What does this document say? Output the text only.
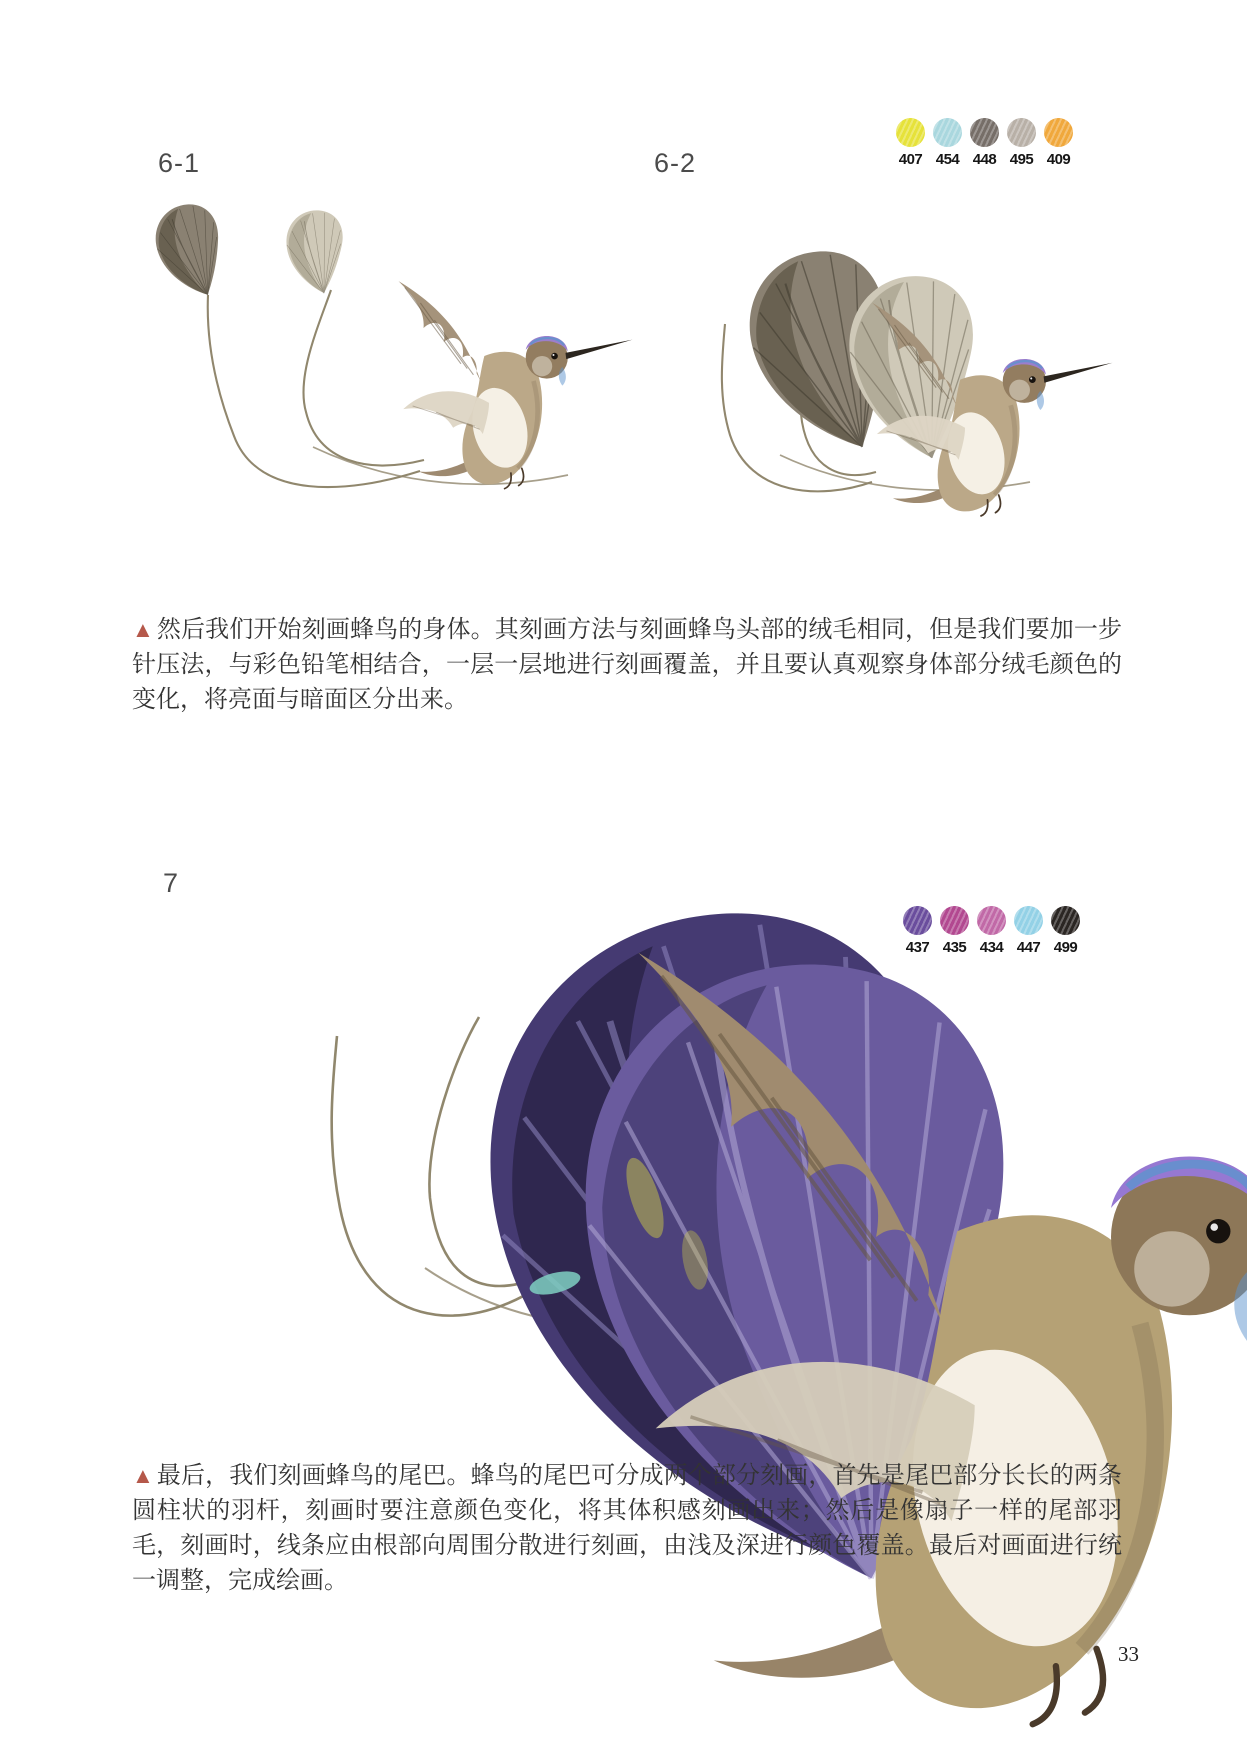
6-1	6-2	407 454 448 495 409

▲ 然后我们开始刻画蜂鸟的身体。其刻画方法与刻画蜂鸟头部的绒毛相同，但是我们要加一步针压法，与彩色铅笔相结合，一层一层地进行刻画覆盖，并且要认真观察身体部分绒毛颜色的变化，将亮面与暗面区分出来。

7
437 435 434 447 499

▲ 最后，我们刻画蜂鸟的尾巴。蜂鸟的尾巴可分成两个部分刻画，首先是尾巴部分长长的两条圆柱状的羽杆，刻画时要注意颜色变化，将其体积感刻画出来；然后是像扇子一样的尾部羽毛，刻画时，线条应由根部向周围分散进行刻画，由浅及深进行颜色覆盖。最后对画面进行统一调整，完成绘画。

33
